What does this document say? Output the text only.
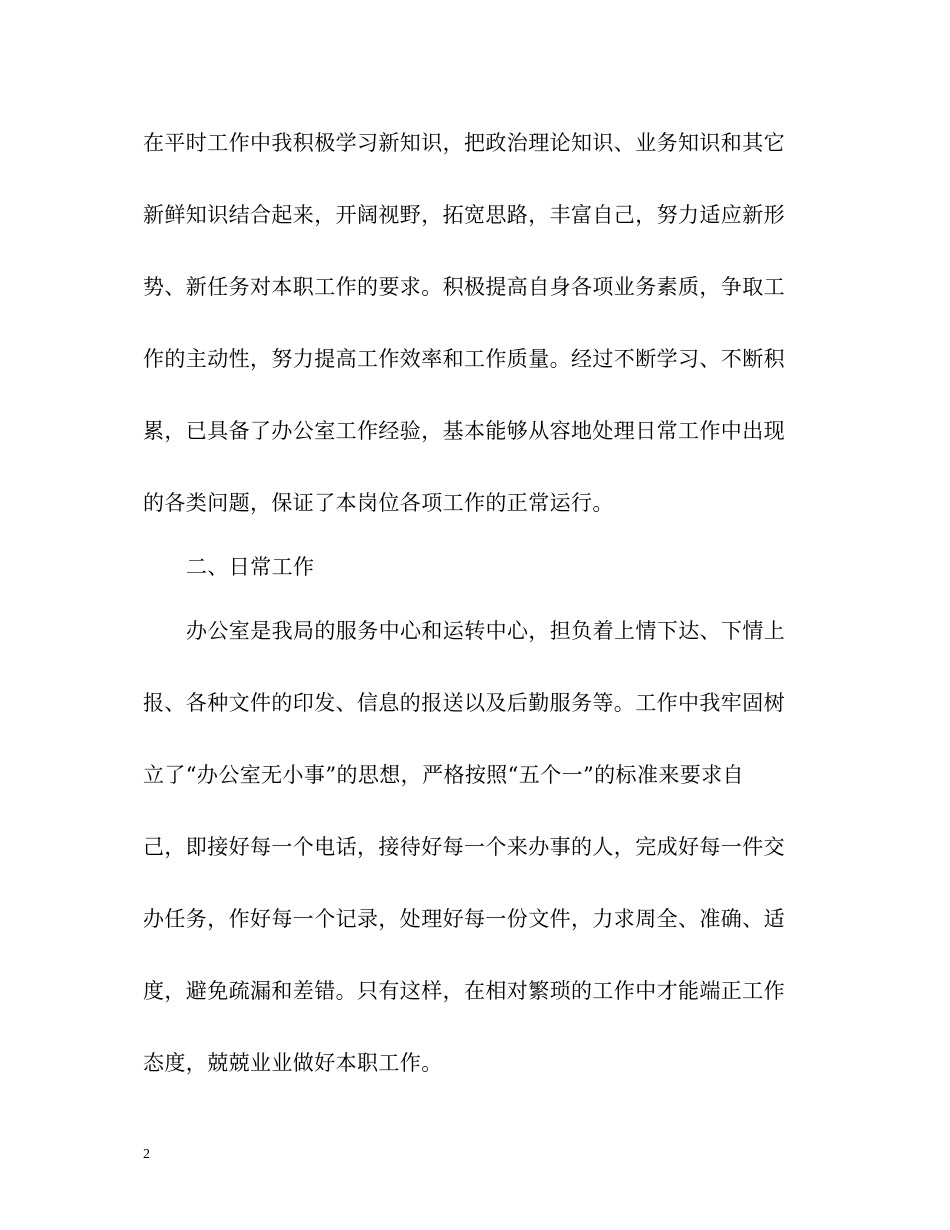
在平时工作中我积极学习新知识，把政治理论知识、业务知识和其它
新鲜知识结合起来，开阔视野，拓宽思路，丰富自己，努力适应新形
势、新任务对本职工作的要求。积极提高自身各项业务素质，争取工
作的主动性，努力提高工作效率和工作质量。经过不断学习、不断积
累，已具备了办公室工作经验，基本能够从容地处理日常工作中出现
的各类问题，保证了本岗位各项工作的正常运行。
二、日常工作
办公室是我局的服务中心和运转中心，担负着上情下达、下情上
报、各种文件的印发、信息的报送以及后勤服务等。工作中我牢固树
立了“办公室无小事”的思想，严格按照“五个一”的标准来要求自
己，即接好每一个电话，接待好每一个来办事的人，完成好每一件交
办任务，作好每一个记录，处理好每一份文件，力求周全、准确、适
度，避免疏漏和差错。只有这样，在相对繁琐的工作中才能端正工作
态度，兢兢业业做好本职工作。
2
